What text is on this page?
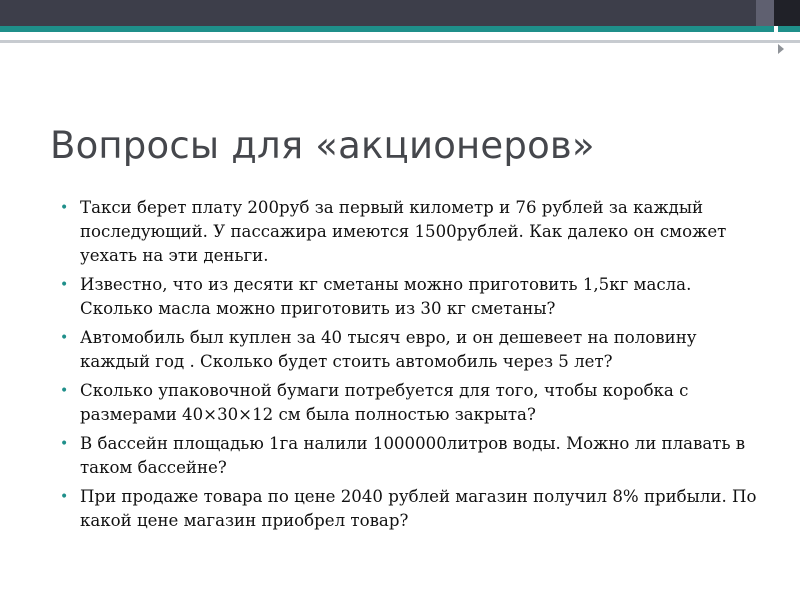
Вопросы для «акционеров»
• Такси берет плату 200руб за первый километр и 76 рублей за каждый последующий. У пассажира имеются 1500рублей. Как далеко он сможет уехать на эти деньги.
• Известно, что из десяти кг сметаны можно приготовить 1,5кг масла. Сколько масла можно приготовить из 30 кг сметаны?
• Автомобиль был куплен за 40 тысяч евро, и он дешевеет на половину каждый год . Сколько будет стоить автомобиль через 5 лет?
• Сколько упаковочной бумаги потребуется для того, чтобы коробка с размерами 40×30×12 см была полностью закрыта?
• В бассейн площадью 1га налили 1000000литров воды. Можно ли плавать в таком бассейне?
• При продаже товара по цене 2040 рублей магазин получил 8% прибыли. По какой цене магазин приобрел товар?
